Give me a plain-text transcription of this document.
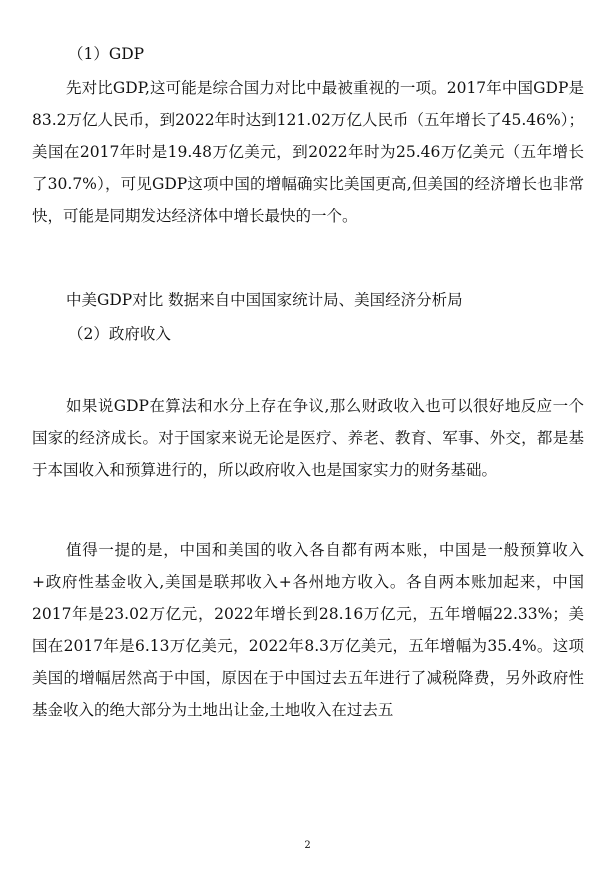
（1）GDP
先对比GDP,这可能是综合国力对比中最被重视的一项。2017年中国GDP是83.2万亿人民币，到2022年时达到121.02万亿人民币（五年增长了45.46%）；美国在2017年时是19.48万亿美元，到2022年时为25.46万亿美元（五年增长了30.7%），可见GDP这项中国的增幅确实比美国更高,但美国的经济增长也非常快，可能是同期发达经济体中增长最快的一个。
中美GDP对比 数据来自中国国家统计局、美国经济分析局
（2）政府收入
如果说GDP在算法和水分上存在争议,那么财政收入也可以很好地反应一个国家的经济成长。对于国家来说无论是医疗、养老、教育、军事、外交，都是基于本国收入和预算进行的，所以政府收入也是国家实力的财务基础。
值得一提的是，中国和美国的收入各自都有两本账，中国是一般预算收入+政府性基金收入,美国是联邦收入+各州地方收入。各自两本账加起来，中国2017年是23.02万亿元，2022年增长到28.16万亿元，五年增幅22.33%；美国在2017年是6.13万亿美元，2022年8.3万亿美元，五年增幅为35.4%。这项美国的增幅居然高于中国，原因在于中国过去五年进行了减税降费，另外政府性基金收入的绝大部分为土地出让金,土地收入在过去五
2
